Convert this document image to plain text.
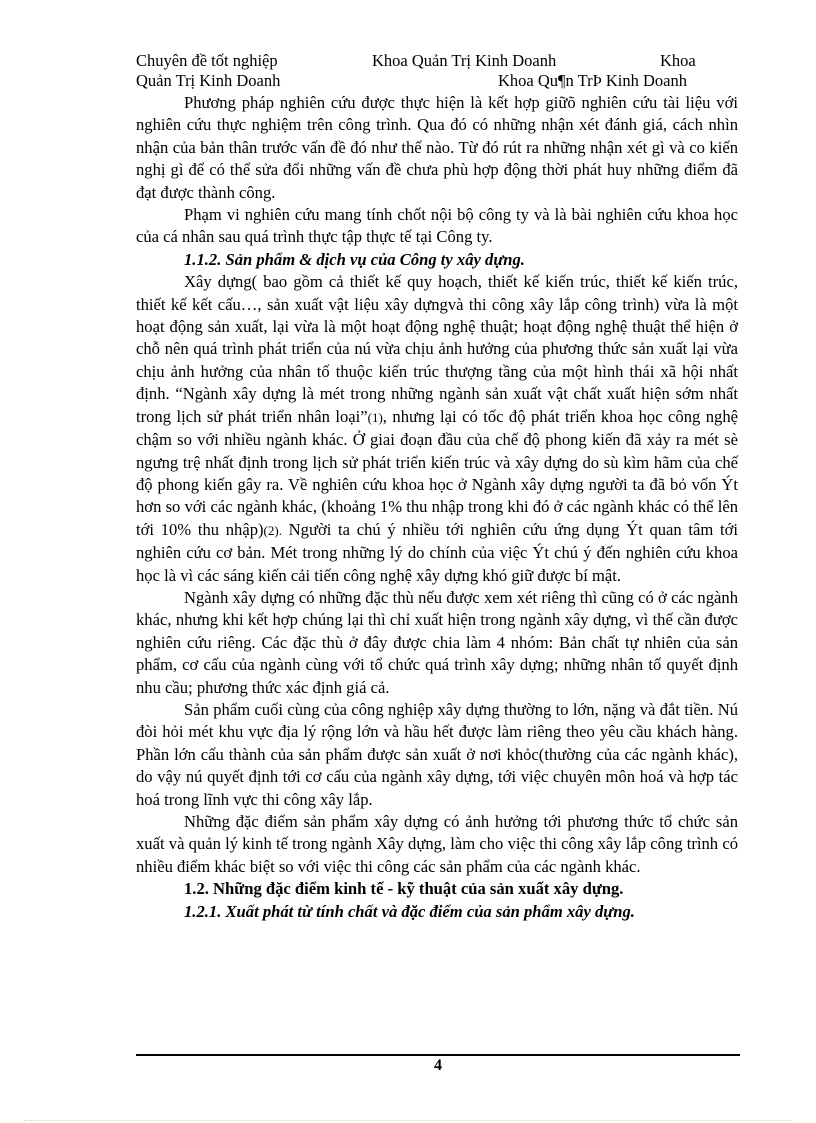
Chuyên đề tốt nghiệp	Khoa Quản Trị Kinh Doanh	Khoa
Quản Trị Kinh Doanh	Khoa Qu¶n TrÞ Kinh Doanh

Phương pháp nghiên cứu được thực hiện là kết hợp giữõ nghiên cứu tài liệu với nghiên cứu thực nghiệm trên công trình. Qua đó có những nhận xét đánh giá, cách nhìn nhận của bản thân trước vấn đề đó như thế nào. Từ đó rút ra những nhận xét gì và co kiến nghị gì để có thể sửa đổi những vấn đề chưa phù hợp động thời phát huy những điểm đã đạt được thành công.

Phạm vi nghiên cứu mang tính chốt nội bộ công ty và là bài nghiên cứu khoa học của cá nhân sau quá trình thực tập thực tế tại Công ty.

1.1.2. Sản phẩm & dịch vụ của Công ty xây dựng.

Xây dựng( bao gồm cả thiết kế quy hoạch, thiết kế kiến trúc, thiết kế kiến trúc, thiết kế kết cấu…, sản xuất vật liệu xây dựngvà thi công xây lắp công trình) vừa là một hoạt động sản xuất, lại vừa là một hoạt động nghệ thuật; hoạt động nghệ thuật thể hiện ở chỗ nên quá trình phát triển của nú vừa chịu ảnh hưởng của phương thức sản xuất lại vừa chịu ảnh hưởng của nhân tố thuộc kiến trúc thượng tầng của một hình thái xã hội nhất định. “Ngành xây dựng là mét trong những ngành sản xuất vật chất xuất hiện sớm nhất trong lịch sử phát triển nhân loại”(1), nhưng lại có tốc độ phát triển khoa học công nghệ chậm so với nhiều ngành khác. Ở giai đoạn đầu của chế độ phong kiến đã xảy ra mét sè ngưng trệ nhất định trong lịch sử phát triển kiến trúc và xây dựng do sù kìm hãm của chế độ phong kiến gây ra. Về nghiên cứu khoa học ở Ngành xây dựng người ta đã bỏ vốn Ýt hơn so với các ngành khác, (khoảng 1% thu nhập trong khi đó ở các ngành khác có thể lên tới 10% thu nhập)(2). Người ta chú ý nhiều tới nghiên cứu ứng dụng Ýt quan tâm tới nghiên cứu cơ bản. Mét trong những lý do chính của việc Ýt chú ý đến nghiên cứu khoa học là vì các sáng kiến cải tiến công nghệ xây dựng khó giữ được bí mật.

Ngành xây dựng có những đặc thù nếu được xem xét riêng thì cũng có ở các ngành khác, nhưng khi kết hợp chúng lại thì chỉ xuất hiện trong ngành xây dựng, vì thế cần được nghiên cứu riêng. Các đặc thù ở đây được chia làm 4 nhóm: Bản chất tự nhiên của sản phẩm, cơ cấu của ngành cùng với tổ chức quá trình xây dựng; những nhân tố quyết định nhu cầu; phương thức xác định giá cả.

Sản phẩm cuối cùng của công nghiệp xây dựng thường to lớn, nặng và đắt tiền. Nú đòi hỏi mét khu vực địa lý rộng lớn và hầu hết được làm riêng theo yêu cầu khách hàng. Phần lớn cấu thành của sản phẩm được sản xuất ở nơi khỏc(thường của các ngành khác), do vậy nú quyết định tới cơ cấu của ngành xây dựng, tới việc chuyên môn hoá và hợp tác hoá trong lĩnh vực thi công xây lắp.

Những đặc điểm sản phẩm xây dựng có ảnh hưởng tới phương thức tổ chức sản xuất và quản lý kinh tế trong ngành Xây dựng, làm cho việc thi công xây lắp công trình có nhiều điểm khác biệt so với việc thi công các sản phẩm của các ngành khác.

1.2. Những đặc điểm kinh tế - kỹ thuật của sản xuất xây dựng.
1.2.1. Xuất phát từ tính chất và đặc điểm của sản phẩm xây dựng.
4
